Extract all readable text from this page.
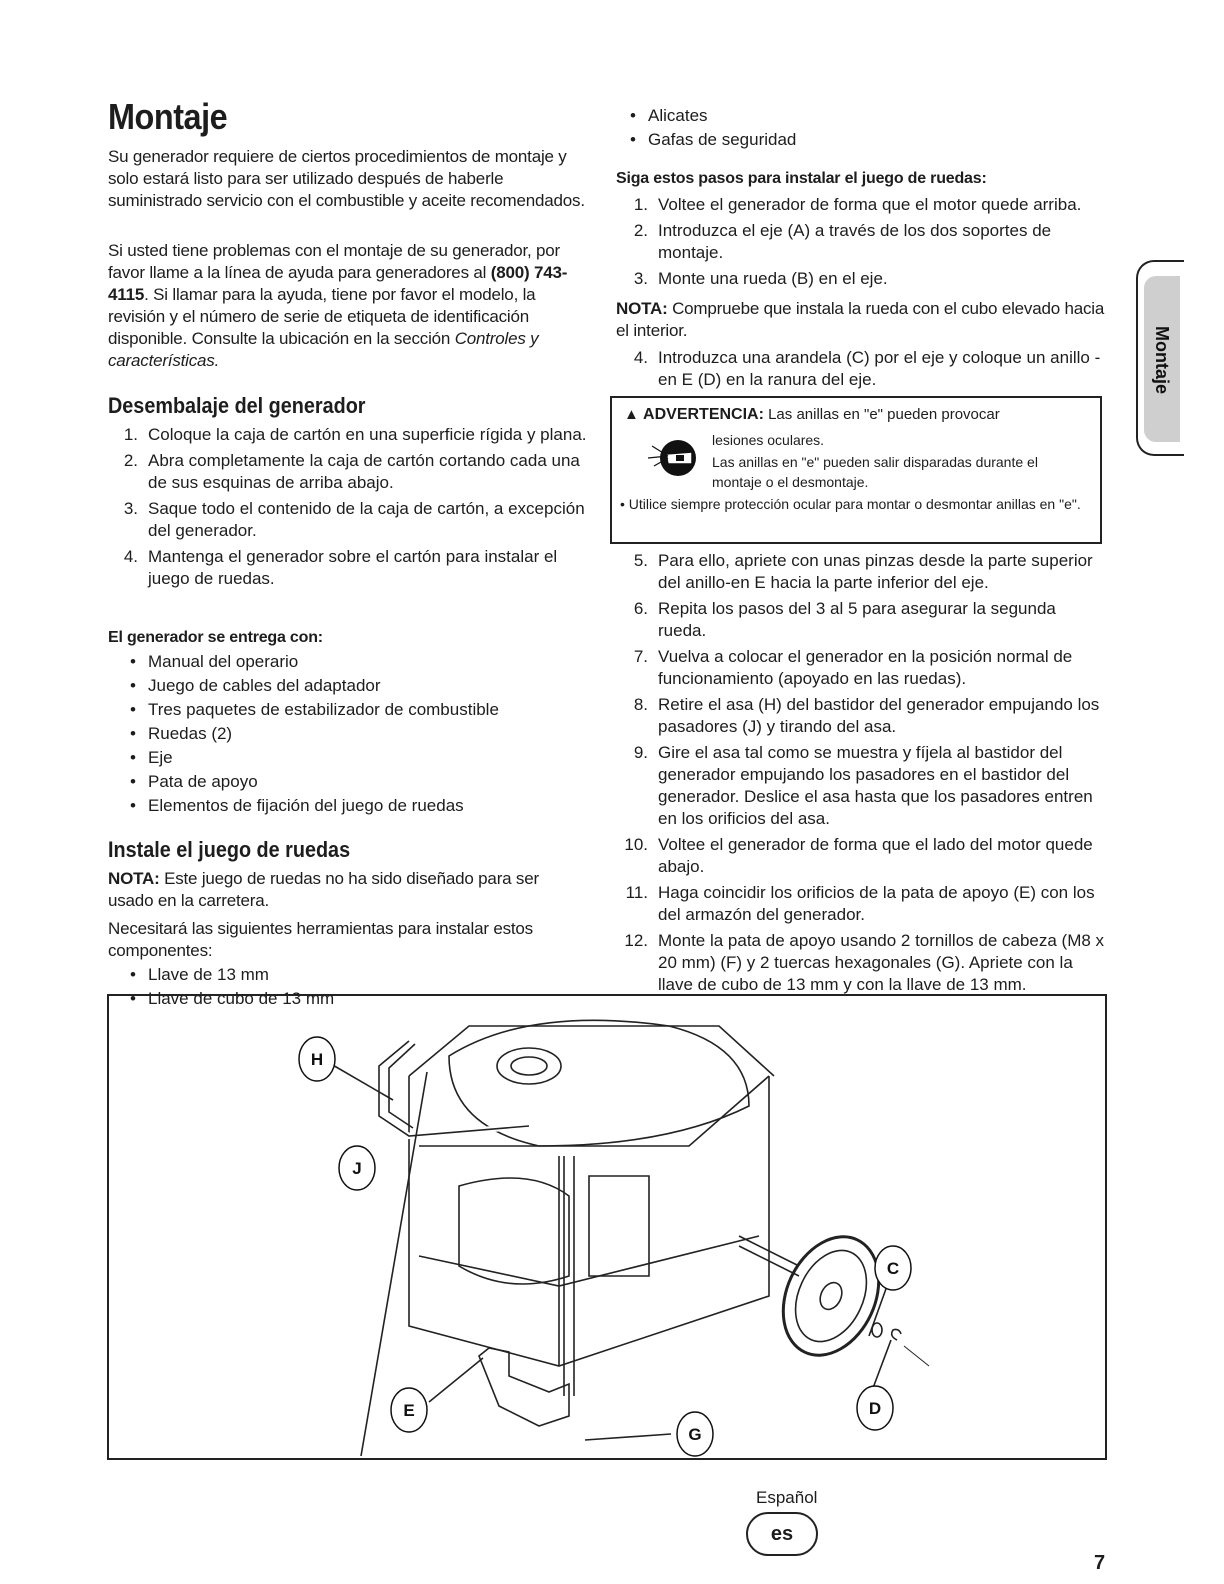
Montaje

Su generador requiere de ciertos procedimientos de montaje y solo estará listo para ser utilizado después de haberle suministrado servicio con el combustible y aceite recomendados.

Si usted tiene problemas con el montaje de su generador, por favor llame a la línea de ayuda para generadores al (800) 743-4115. Si llamar para la ayuda, tiene por favor el modelo, la revisión y el número de serie de etiqueta de identificación disponible. Consulte la ubicación en la sección Controles y características.

Desembalaje del generador
1. Coloque la caja de cartón en una superficie rígida y plana.
2. Abra completamente la caja de cartón cortando cada una de sus esquinas de arriba abajo.
3. Saque todo el contenido de la caja de cartón, a excepción del generador.
4. Mantenga el generador sobre el cartón para instalar el juego de ruedas.

El generador se entrega con:

• Manual del operario
• Juego de cables del adaptador
• Tres paquetes de estabilizador de combustible
• Ruedas (2)
• Eje
• Pata de apoyo
• Elementos de fijación del juego de ruedas
Instale el juego de ruedas

NOTA: Este juego de ruedas no ha sido diseñado para ser usado en la carretera.

Necesitará las siguientes herramientas para instalar estos componentes:

• Llave de 13 mm
• Llave de cubo de 13 mm
• Alicates
• Gafas de seguridad

Siga estos pasos para instalar el juego de ruedas:

1. Voltee el generador de forma que el motor quede arriba.
2. Introduzca el eje (A) a través de los dos soportes de montaje.
3. Monte una rueda (B) en el eje.

NOTA: Compruebe que instala la rueda con el cubo elevado hacia el interior.

4. Introduzca una arandela (C) por el eje y coloque un anillo -en E (D) en la ranura del eje.
5. Para ello, apriete con unas pinzas desde la parte superior del anillo-en E hacia la parte inferior del eje.
6. Repita los pasos del 3 al 5 para asegurar la segunda rueda.
7. Vuelva a colocar el generador en la posición normal de funcionamiento (apoyado en las ruedas).
8. Retire el asa (H) del bastidor del generador empujando los pasadores (J) y tirando del asa.
9. Gire el asa tal como se muestra y fíjela al bastidor del generador empujando los pasadores en el bastidor del generador. Deslice el asa hasta que los pasadores entren en los orificios del asa.
10. Voltee el generador de forma que el lado del motor quede abajo.
11. Haga coincidir los orificios de la pata de apoyo (E) con los del armazón del generador.
12. Monte la pata de apoyo usando 2 tornillos de cabeza (M8 x 20 mm) (F) y 2 tuercas hexagonales (G). Apriete con la llave de cubo de 13 mm y con la llave de 13 mm.
▲ ADVERTENCIA: Las anillas en "e" pueden provocar
lesiones oculares.
Las anillas en "e" pueden salir disparadas durante el
montaje o el desmontaje.
• Utilice siempre protección ocular para montar o desmontar anillas en "e".
Montaje
H
J
C
D
E
G
Español
es
7
